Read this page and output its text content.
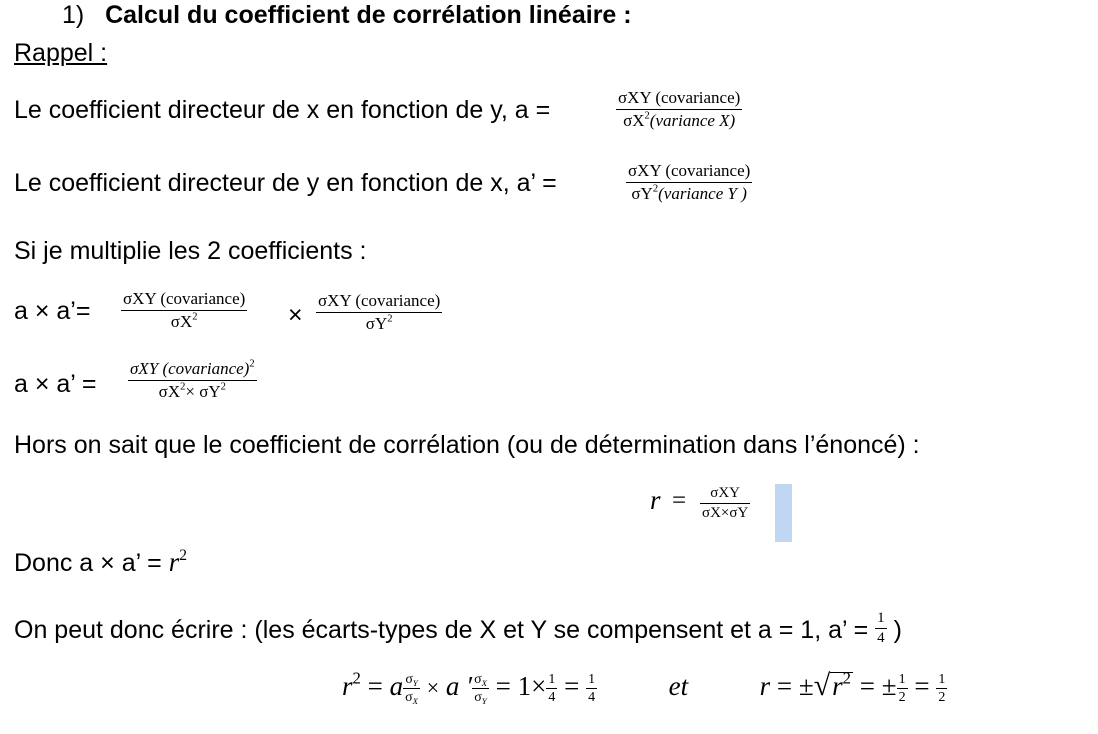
1) Calcul du coefficient de corrélation linéaire :
Rappel :
Le coefficient directeur de x en fonction de y, a =	σXY (covariance)
$\sigma X^2(variance$ X)
Le coefficient directeur de y en fonction de x, a’ =	σXY (covariance)
$\sigma Y^2(variance$ Y )
Si je multiplie les 2 coefficients :
a × a’= σXY (covariance)
$\sigma X^2$	×
σXY (covariance)
$\sigma Y^2$
a × a’ =
σXY (covariance)$^2$
$\sigma X^2\times \sigma Y^2$
Hors on sait que le coefficient de corrélation (ou de détermination dans l’énoncé) :
r =	σXY
σX×σY
Donc a × a’ = $r^2$
On peut donc écrire : (les écarts-types de X et Y se compensent et a = 1, a’ = $\frac{1}{4}$ )
$r^2 = a \frac{\sigma_Y}{\sigma_X} \times a$ ′ $\frac{\sigma_X}{\sigma_Y} = 1\times \frac{1}{4} = \frac{1}{4}$	et	$r = \pm√r^2$ = ± $\frac{1}{2} = \frac{1}{2}$
